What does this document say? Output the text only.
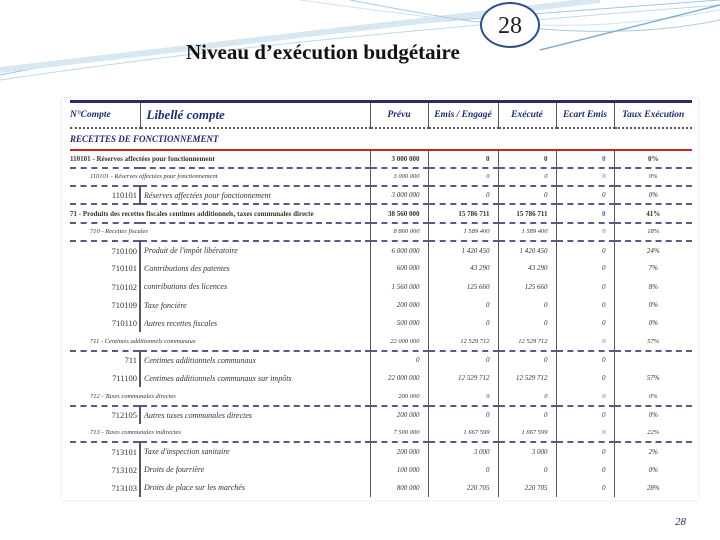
Niveau d’exécution budgétaire
28
N°Compte	Libellé compte	Prévu	Emis / Engagé	Exécuté	Ecart Emis	Taux Exécution
RECETTES DE FONCTIONNEMENT						
110101 - Réserves affectées pour fonctionnement		3 000 000	0	0	0	0%
110101 - Réserves affectées pour fonctionnement		3 000 000	0	0	0	0%
110101	Réserves affectées pour fonctionnement	3 000 000	0	0	0	0%
71 - Produits des recettes fiscales centimes additionnels, taxes communales directe		38 560 000	15 786 711	15 786 711	0	41%
710 - Recettes fiscales		8 860 000	1 589 400	1 589 400	0	18%
710100	Produit de l'impôt libératoire	6 000 000	1 420 450	1 420 450	0	24%
710101	Contributions des patentes	600 000	43 290	43 290	0	7%
710102	contributions des licences	1 560 000	125 660	125 660	0	8%
710109	Taxe foncière	200 000	0	0	0	0%
710110	Autres recettes fiscales	500 000	0	0	0	0%
711 - Centimes additionnels communaux		22 000 000	12 529 712	12 529 712	0	57%
711	Centimes additionnels communaux	0	0	0	0	
711100	Centimes additionnels communaux sur impôts	22 000 000	12 529 712	12 529 712	0	57%
712 - Taxes communales directes		200 000	0	0	0	0%
712105	Autres taxes communales directes	200 000	0	0	0	0%
713 - Taxes communales indirectes		7 500 000	1 667 599	1 667 599	0	22%
713101	Taxe d'inspection sanitaire	200 000	3 000	3 000	0	2%
713102	Droits de fourrière	100 000	0	0	0	0%
713103	Droits de place sur les marchés	800 000	220 705	220 705	0	28%
28
